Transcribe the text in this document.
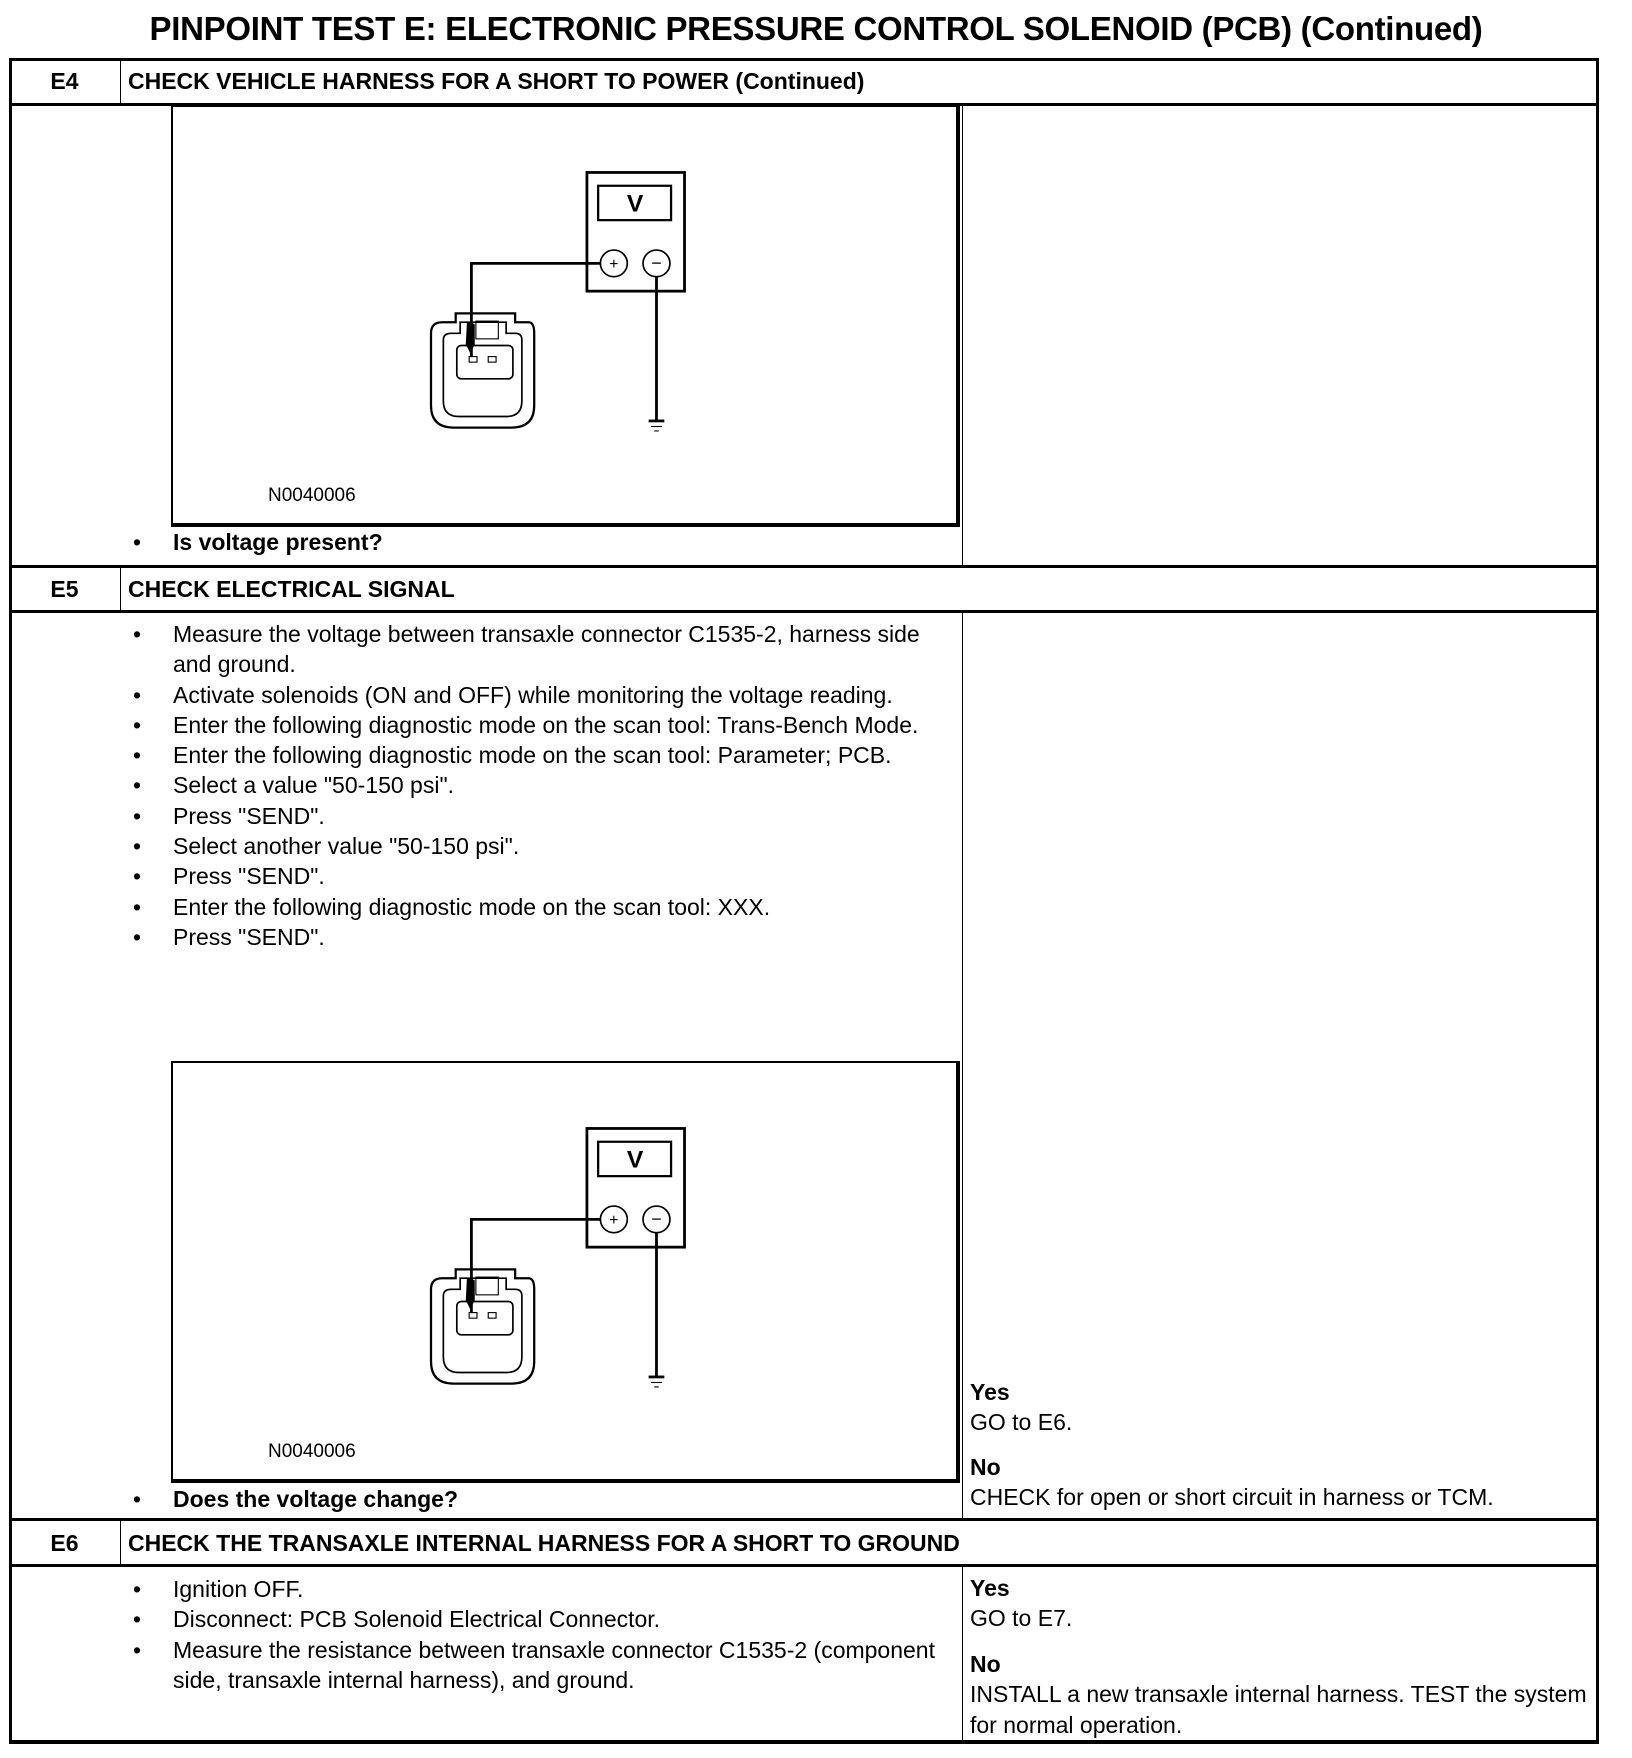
PINPOINT TEST E: ELECTRONIC PRESSURE CONTROL SOLENOID (PCB) (Continued)
E4	CHECK VEHICLE HARNESS FOR A SHORT TO POWER (Continued)
V
+ −
N0040006
• Is voltage present?
E5	CHECK ELECTRICAL SIGNAL
• Measure the voltage between transaxle connector C1535-2, harness side and ground.
• Activate solenoids (ON and OFF) while monitoring the voltage reading.
• Enter the following diagnostic mode on the scan tool: Trans-Bench Mode.
• Enter the following diagnostic mode on the scan tool: Parameter; PCB.
• Select a value "50-150 psi".
• Press "SEND".
• Select another value "50-150 psi".
• Press "SEND".
• Enter the following diagnostic mode on the scan tool: XXX.
• Press "SEND".
V
+ −
N0040006
• Does the voltage change?
Yes
GO to E6.
No
CHECK for open or short circuit in harness or TCM.
E6	CHECK THE TRANSAXLE INTERNAL HARNESS FOR A SHORT TO GROUND
• Ignition OFF.
• Disconnect: PCB Solenoid Electrical Connector.
• Measure the resistance between transaxle connector C1535-2 (component side, transaxle internal harness), and ground.
Yes
GO to E7.
No
INSTALL a new transaxle internal harness. TEST the system for normal operation.
